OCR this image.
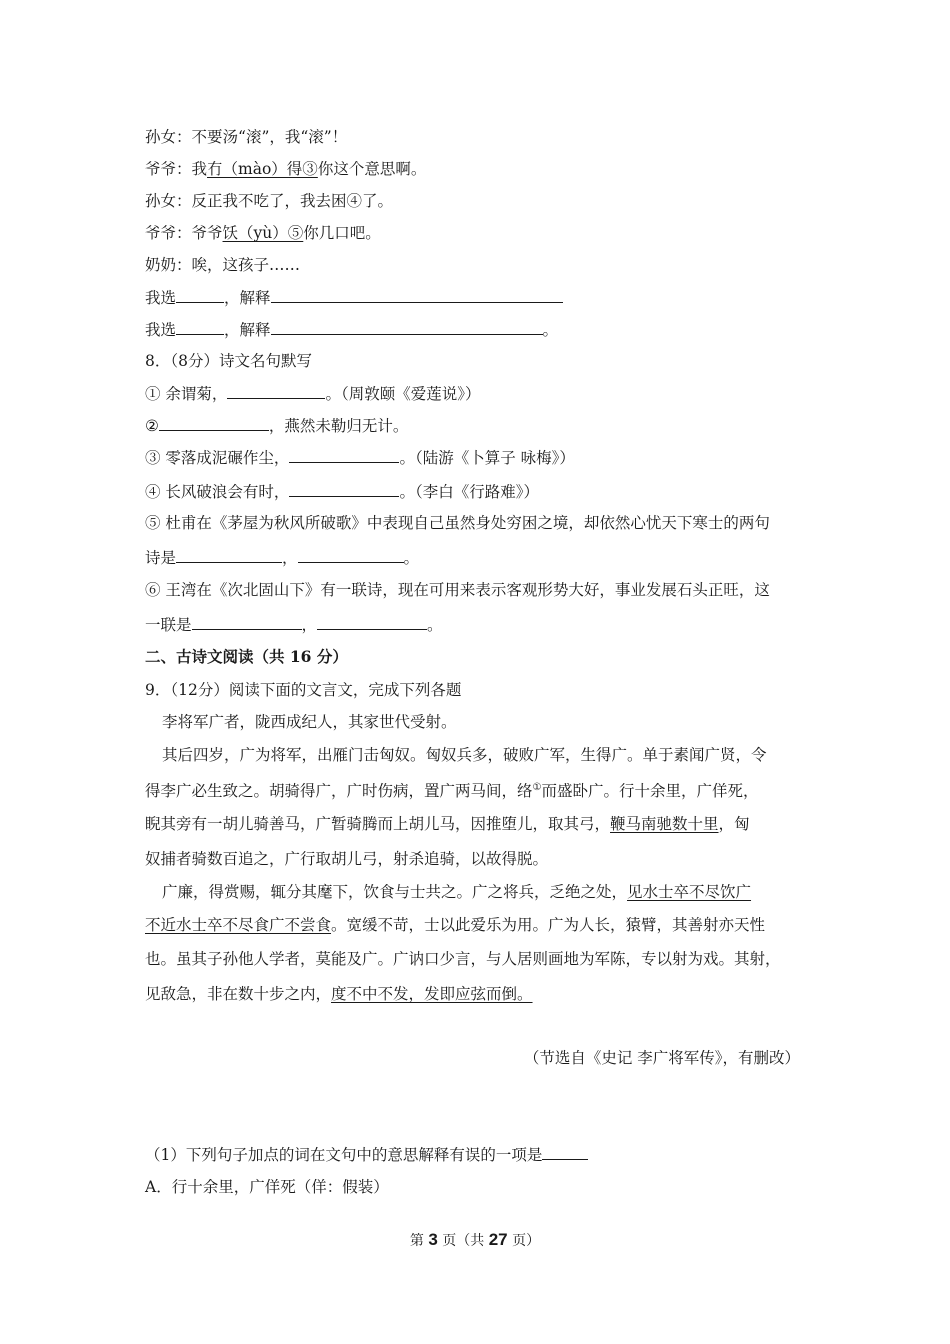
孙女：不要汤“滚”，我“滚”！
爷爷：我冇（mào）得③你这个意思啊。
孙女：反正我不吃了，我去困④了。
爷爷：爷爷饫（yù）⑤你几口吧。
奶奶：唉，这孩子……
我选	，解释
我选	，解释	。
8．（8分）诗文名句默写
① 余谓菊，	。（周敦颐《爱莲说》）
②	，燕然未勒归无计。
③ 零落成泥碾作尘，	。（陆游《卜算子 咏梅》）
④ 长风破浪会有时，	。（李白《行路难》）
⑤ 杜甫在《茅屋为秋风所破歌》中表现自己虽然身处穷困之境，却依然心忧天下寒士的两句
诗是	，	。
⑥ 王湾在《次北固山下》有一联诗，现在可用来表示客观形势大好，事业发展石头正旺，这
一联是	，	。
二、古诗文阅读（共 16 分）
9．（12分）阅读下面的文言文，完成下列各题
李将军广者，陇西成纪人，其家世代受射。
其后四岁，广为将军，出雁门击匈奴。匈奴兵多，破败广军，生得广。单于素闻广贤，令
得李广必生致之。胡骑得广，广时伤病，置广两马间，络①而盛卧广。行十余里，广佯死，
睨其旁有一胡儿骑善马，广暂骑腾而上胡儿马，因推堕儿，取其弓，鞭马南驰数十里，匈
奴捕者骑数百追之，广行取胡儿弓，射杀追骑，以故得脱。
广廉，得赏赐，辄分其麾下，饮食与士共之。广之将兵，乏绝之处，见水士卒不尽饮广
不近水士卒不尽食广不尝食。宽缓不苛，士以此爱乐为用。广为人长，猿臂，其善射亦天性
也。虽其子孙他人学者，莫能及广。广讷口少言，与人居则画地为军陈，专以射为戏。其射，
见敌急，非在数十步之内，度不中不发，发即应弦而倒。
（节选自《史记 李广将军传》，有删改）
（1）下列句子加点的词在文句中的意思解释有误的一项是
A．行十余里，广佯死（佯：假装）
第 3 页（共 27 页）
